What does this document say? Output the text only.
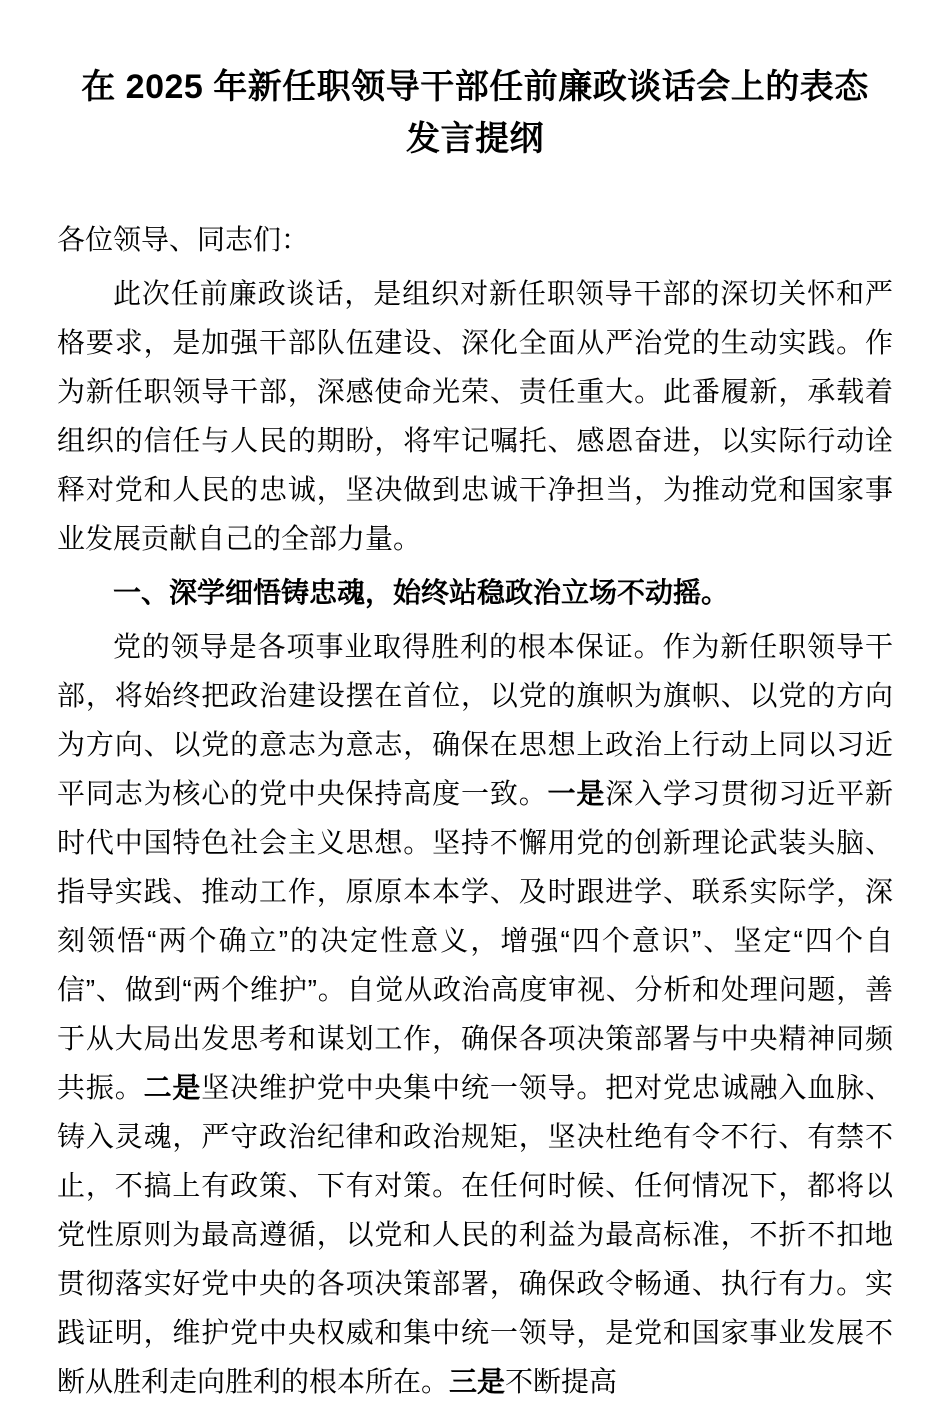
在 2025 年新任职领导干部任前廉政谈话会上的表态
发言提纲

各位领导、同志们：

此次任前廉政谈话，是组织对新任职领导干部的深切关怀和严格要求，是加强干部队伍建设、深化全面从严治党的生动实践。作为新任职领导干部，深感使命光荣、责任重大。此番履新，承载着组织的信任与人民的期盼，将牢记嘱托、感恩奋进，以实际行动诠释对党和人民的忠诚，坚决做到忠诚干净担当，为推动党和国家事业发展贡献自己的全部力量。

一、深学细悟铸忠魂，始终站稳政治立场不动摇。

党的领导是各项事业取得胜利的根本保证。作为新任职领导干部，将始终把政治建设摆在首位，以党的旗帜为旗帜、以党的方向为方向、以党的意志为意志，确保在思想上政治上行动上同以习近平同志为核心的党中央保持高度一致。一是深入学习贯彻习近平新时代中国特色社会主义思想。坚持不懈用党的创新理论武装头脑、指导实践、推动工作，原原本本学、及时跟进学、联系实际学，深刻领悟“两个确立”的决定性意义，增强“四个意识”、坚定“四个自信”、做到“两个维护”。自觉从政治高度审视、分析和处理问题，善于从大局出发思考和谋划工作，确保各项决策部署与中央精神同频共振。二是坚决维护党中央集中统一领导。把对党忠诚融入血脉、铸入灵魂，严守政治纪律和政治规矩，坚决杜绝有令不行、有禁不止，不搞上有政策、下有对策。在任何时候、任何情况下，都将以党性原则为最高遵循，以党和人民的利益为最高标准，不折不扣地贯彻落实好党中央的各项决策部署，确保政令畅通、执行有力。实践证明，维护党中央权威和集中统一领导，是党和国家事业发展不断从胜利走向胜利的根本所在。三是不断提高
